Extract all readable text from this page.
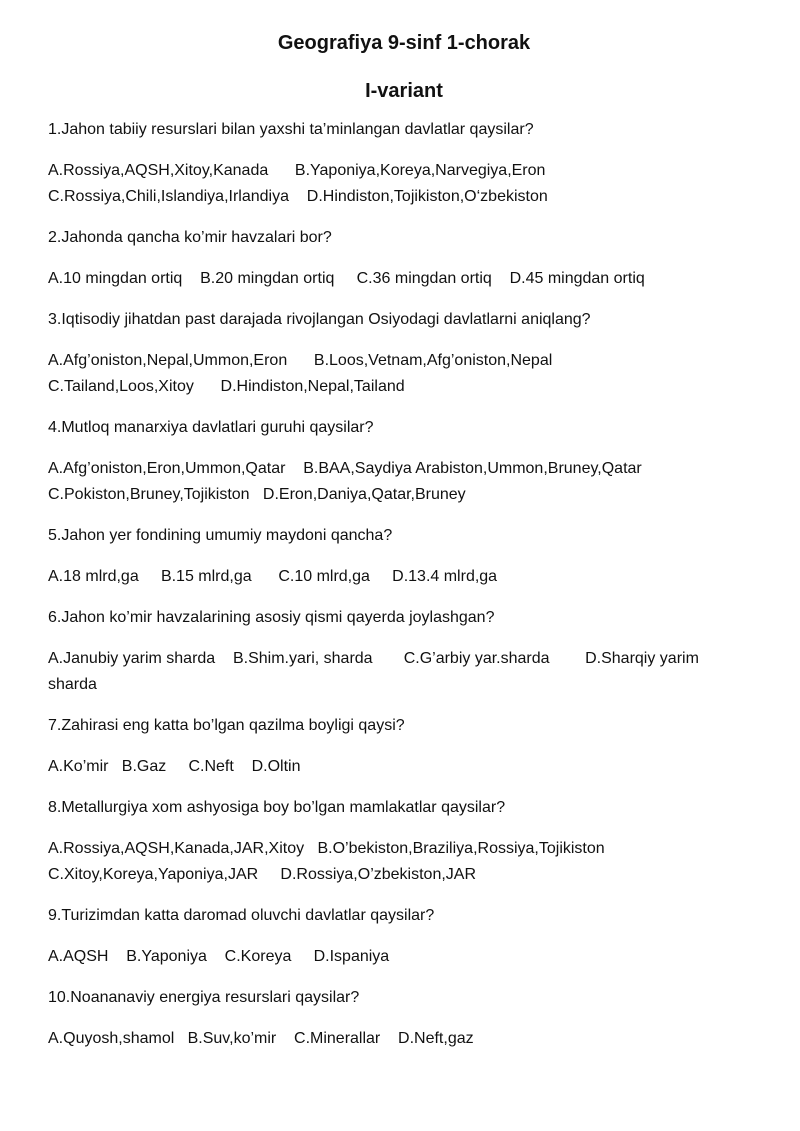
Geografiya 9-sinf 1-chorak

I-variant

1.Jahon tabiiy resurslari bilan yaxshi ta’minlangan davlatlar qaysilar?

A.Rossiya,AQSH,Xitoy,Kanada      B.Yaponiya,Koreya,Narvegiya,Eron
C.Rossiya,Chili,Islandiya,Irlandiya    D.Hindiston,Tojikiston,O‘zbekiston

2.Jahonda qancha ko’mir havzalari bor?

A.10 mingdan ortiq    B.20 mingdan ortiq     C.36 mingdan ortiq    D.45 mingdan ortiq

3.Iqtisodiy jihatdan past darajada rivojlangan Osiyodagi davlatlarni aniqlang?

A.Afg’oniston,Nepal,Ummon,Eron      B.Loos,Vetnam,Afg’oniston,Nepal
C.Tailand,Loos,Xitoy      D.Hindiston,Nepal,Tailand

4.Mutloq manarxiya davlatlari guruhi qaysilar?

A.Afg’oniston,Eron,Ummon,Qatar    B.BAA,Saydiya Arabiston,Ummon,Bruney,Qatar
C.Pokiston,Bruney,Tojikiston   D.Eron,Daniya,Qatar,Bruney

5.Jahon yer fondining umumiy maydoni qancha?

A.18 mlrd,ga     B.15 mlrd,ga      C.10 mlrd,ga     D.13.4 mlrd,ga

6.Jahon ko’mir havzalarining asosiy qismi qayerda joylashgan?

A.Janubiy yarim sharda    B.Shim.yari, sharda       C.G’arbiy yar.sharda        D.Sharqiy yarim
sharda

7.Zahirasi eng katta bo’lgan qazilma boyligi qaysi?

A.Ko’mir   B.Gaz     C.Neft    D.Oltin

8.Metallurgiya xom ashyosiga boy bo’lgan mamlakatlar qaysilar?

A.Rossiya,AQSH,Kanada,JAR,Xitoy   B.O’bekiston,Braziliya,Rossiya,Tojikiston
C.Xitoy,Koreya,Yaponiya,JAR     D.Rossiya,O’zbekiston,JAR

9.Turizimdan katta daromad oluvchi davlatlar qaysilar?

A.AQSH    B.Yaponiya    C.Koreya     D.Ispaniya

10.Noananaviy energiya resurslari qaysilar?

A.Quyosh,shamol   B.Suv,ko’mir    C.Minerallar    D.Neft,gaz
